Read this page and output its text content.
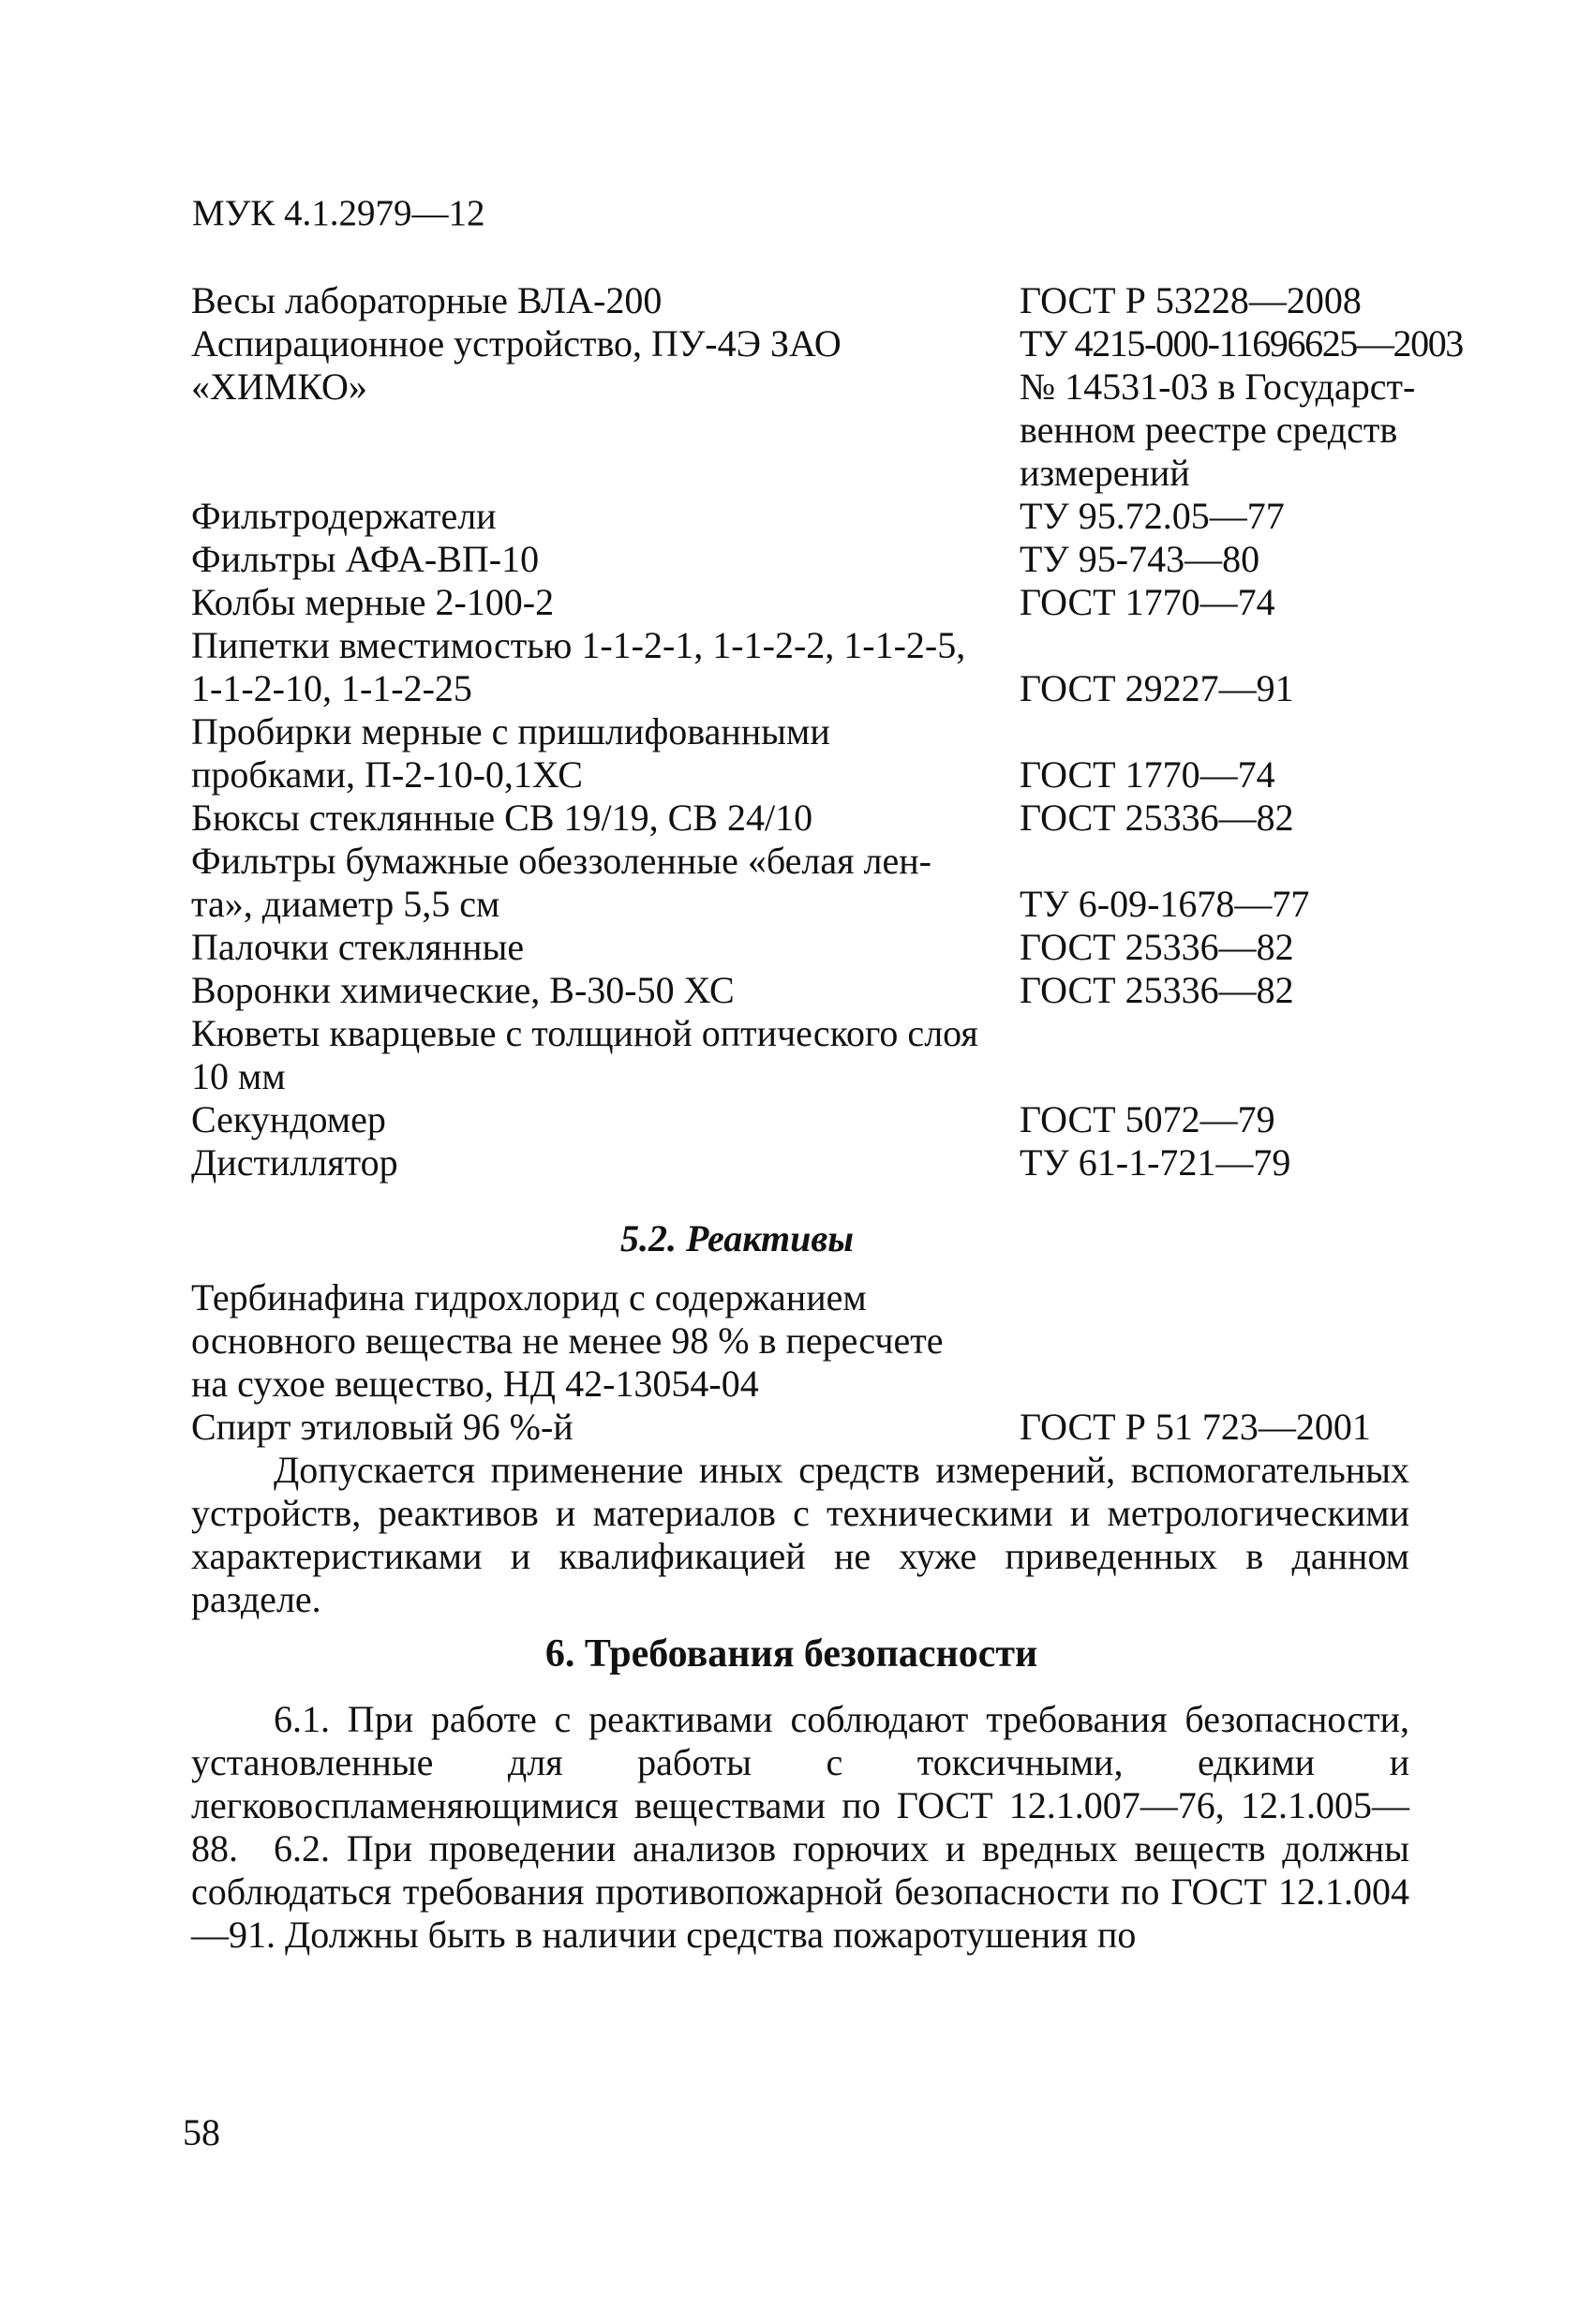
МУК 4.1.2979—12
Весы лабораторные ВЛА-200	ГОСТ Р 53228—2008
Аспирационное устройство, ПУ-4Э ЗАО	ТУ 4215-000-11696625—2003
«ХИМКО»	№ 14531-03 в Государст-
венном реестре средств
измерений
Фильтродержатели	ТУ 95.72.05—77
Фильтры АФА-ВП-10	ТУ 95-743—80
Колбы мерные 2-100-2	ГОСТ 1770—74
Пипетки вместимостью 1-1-2-1, 1-1-2-2, 1-1-2-5,
1-1-2-10, 1-1-2-25	ГОСТ 29227—91
Пробирки мерные с пришлифованными
пробками, П-2-10-0,1ХС	ГОСТ 1770—74
Бюксы стеклянные СВ 19/19, СВ 24/10	ГОСТ 25336—82
Фильтры бумажные обеззоленные «белая лен-
та», диаметр 5,5 см	ТУ 6-09-1678—77
Палочки стеклянные	ГОСТ 25336—82
Воронки химические, В-30-50 ХС	ГОСТ 25336—82
Кюветы кварцевые с толщиной оптического слоя
10 мм
Секундомер	ГОСТ 5072—79
Дистиллятор	ТУ 61-1-721—79
5.2. Реактивы
Тербинафина гидрохлорид с содержанием
основного вещества не менее 98 % в пересчете
на сухое вещество, НД 42-13054-04
Спирт этиловый 96 %-й	ГОСТ Р 51 723—2001
Допускается применение иных средств измерений, вспомогательных устройств, реактивов и материалов с техническими и метрологическими характеристиками и квалификацией не хуже приведенных в данном разделе.
6. Требования безопасности
6.1. При работе с реактивами соблюдают требования безопасности, установленные для работы с токсичными, едкими и легковоспламеняющимися веществами по ГОСТ 12.1.007—76, 12.1.005—88. 6.2. При проведении анализов горючих и вредных веществ должны соблюдаться требования противопожарной безопасности по ГОСТ 12.1.004—91. Должны быть в наличии средства пожаротушения по
58
